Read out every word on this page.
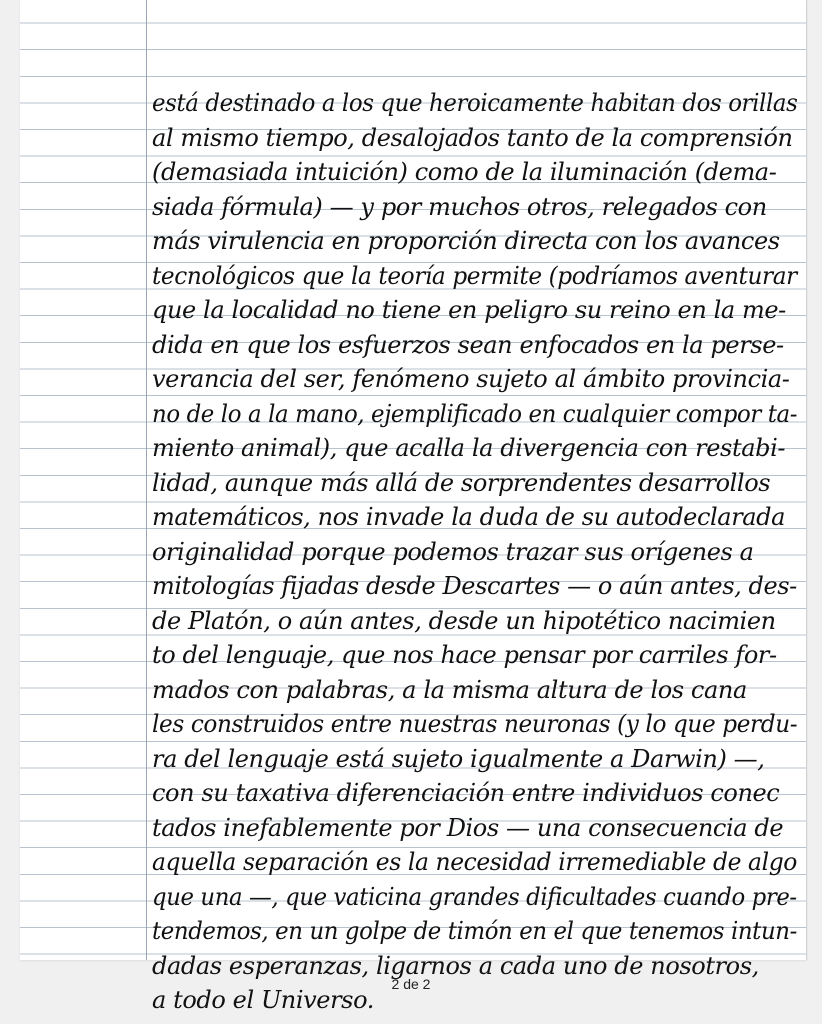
está destinado a los que heroicamente habitan dos orillas
al mismo tiempo, desalojados tanto de la comprensión
(demasiada intuición) como de la iluminación (dema-
siada fórmula) — y por muchos otros, relegados con
más virulencia en proporción directa con los avances
tecnológicos que la teoría permite (podríamos aventurar
que la localidad no tiene en peligro su reino en la me-
dida en que los esfuerzos sean enfocados en la perse-
verancia del ser, fenómeno sujeto al ámbito provincia-
no de lo a la mano, ejemplificado en cualquier compor ta-
miento animal), que acalla la divergencia con restabi-
lidad, aunque más allá de sorprendentes desarrollos
matemáticos, nos invade la duda de su autodeclarada
originalidad porque podemos trazar sus orígenes a
mitologías fijadas desde Descartes — o aún antes, des-
de Platón, o aún antes, desde un hipotético nacimien
to del lenguaje, que nos hace pensar por carriles for-
mados con palabras, a la misma altura de los cana
les construidos entre nuestras neuronas (y lo que perdu-
ra del lenguaje está sujeto igualmente a Darwin) —,
con su taxativa diferenciación entre individuos conec
tados inefablemente por Dios — una consecuencia de
aquella separación es la necesidad irremediable de algo
que una —, que vaticina grandes dificultades cuando pre-
tendemos, en un golpe de timón en el que tenemos intun-
dadas esperanzas, ligarnos a cada uno de nosotros,
a todo el Universo.
2 de 2
